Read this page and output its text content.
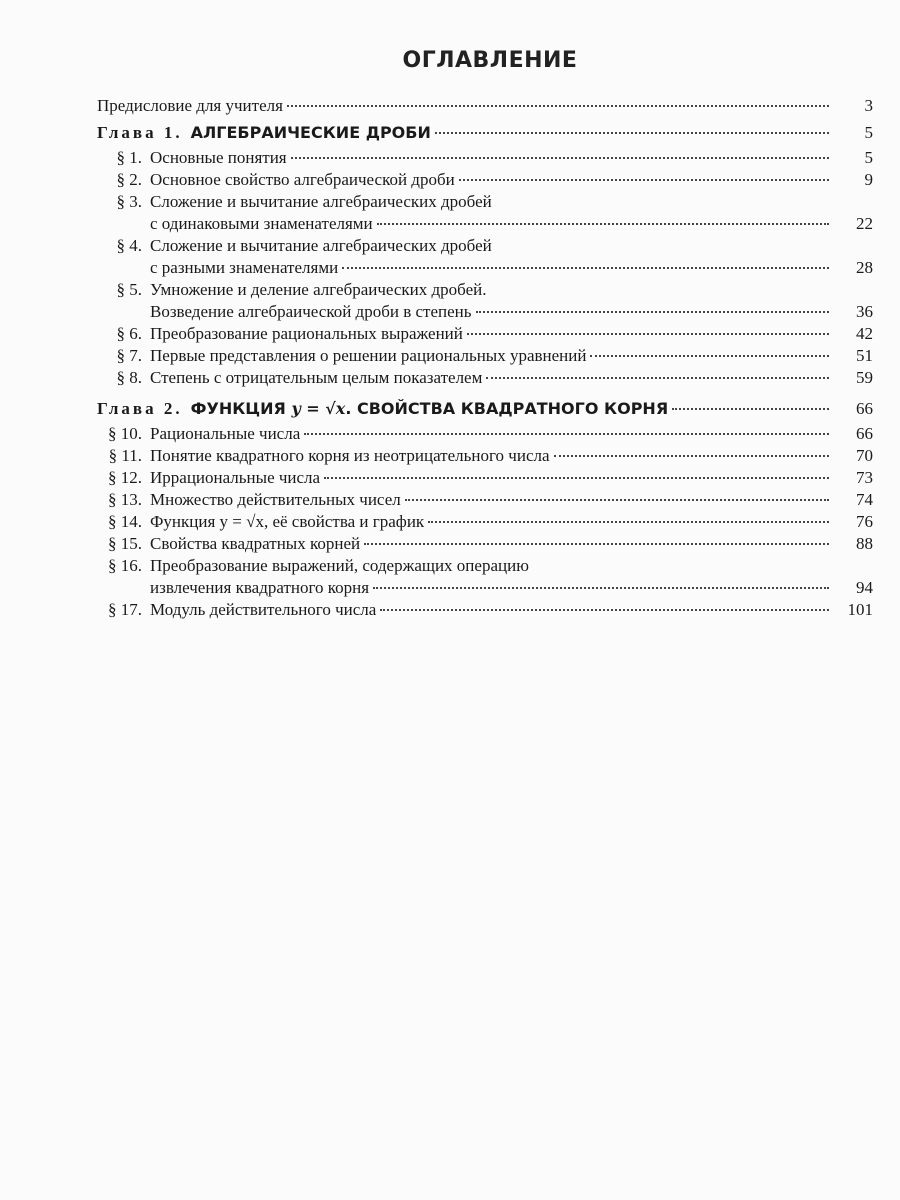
ОГЛАВЛЕНИЕ
Предисловие для учителя	3
Глава 1. АЛГЕБРАИЧЕСКИЕ ДРОБИ	5
§ 1. Основные понятия	5
§ 2. Основное свойство алгебраической дроби	9
§ 3. Сложение и вычитание алгебраических дробей
с одинаковыми знаменателями	22
§ 4. Сложение и вычитание алгебраических дробей
с разными знаменателями	28
§ 5. Умножение и деление алгебраических дробей.
Возведение алгебраической дроби в степень	36
§ 6. Преобразование рациональных выражений	42
§ 7. Первые представления о решении рациональных уравнений	51
§ 8. Степень с отрицательным целым показателем	59
Глава 2. ФУНКЦИЯ y = √x. СВОЙСТВА КВАДРАТНОГО КОРНЯ	66
§ 10. Рациональные числа	66
§ 11. Понятие квадратного корня из неотрицательного числа	70
§ 12. Иррациональные числа	73
§ 13. Множество действительных чисел	74
§ 14. Функция y = √x, её свойства и график	76
§ 15. Свойства квадратных корней	88
§ 16. Преобразование выражений, содержащих операцию
извлечения квадратного корня	94
§ 17. Модуль действительного числа	101
